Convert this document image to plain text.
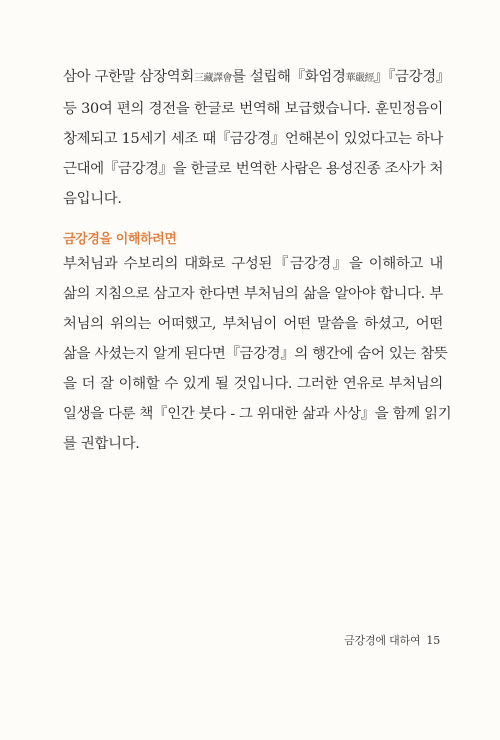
삼아 구한말 삼장역회三藏譯會를 설립해『화엄경華嚴經』『금강경』
등 30여 편의 경전을 한글로 번역해 보급했습니다. 훈민정음이
창제되고 15세기 세조 때『금강경』언해본이 있었다고는 하나
근대에『금강경』을 한글로 번역한 사람은 용성진종 조사가 처
음입니다.

금강경을 이해하려면

부처님과 수보리의 대화로 구성된『금강경』을 이해하고 내
삶의 지침으로 삼고자 한다면 부처님의 삶을 알아야 합니다. 부
처님의 위의는 어떠했고, 부처님이 어떤 말씀을 하셨고, 어떤
삶을 사셨는지 알게 된다면『금강경』의 행간에 숨어 있는 참뜻
을 더 잘 이해할 수 있게 될 것입니다. 그러한 연유로 부처님의
일생을 다룬 책『인간 붓다 - 그 위대한 삶과 사상』을 함께 읽기
를 권합니다.

금강경에 대하여 15
